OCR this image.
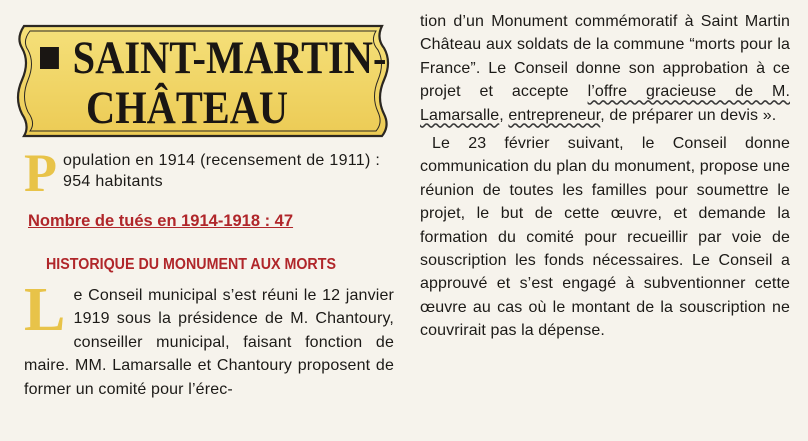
SAINT-MARTIN-
CHÂTEAU
Population en 1914 (recensement de 1911) : 954 habitants
Nombre de tués en 1914-1918 : 47
HISTORIQUE DU MONUMENT AUX MORTS
Le Conseil municipal s’est réuni le 12 janvier 1919 sous la présidence de M. Chantoury, conseiller municipal, faisant fonction de maire. MM. Lamarsalle et Chantoury proposent de former un comité pour l’érec-

tion d’un Monument commémoratif à Saint Martin Château aux soldats de la commune “morts pour la France”. Le Conseil donne son approbation à ce projet et accepte l’offre gracieuse de M. Lamarsalle, entrepreneur, de préparer un devis ».

Le 23 février suivant, le Conseil donne communication du plan du monument, propose une réunion de toutes les familles pour soumettre le projet, le but de cette œuvre, et demande la formation du comité pour recueillir par voie de souscription les fonds nécessaires. Le Conseil a approuvé et s’est engagé à subventionner cette œuvre au cas où le montant de la souscription ne couvrirait pas la dépense.
